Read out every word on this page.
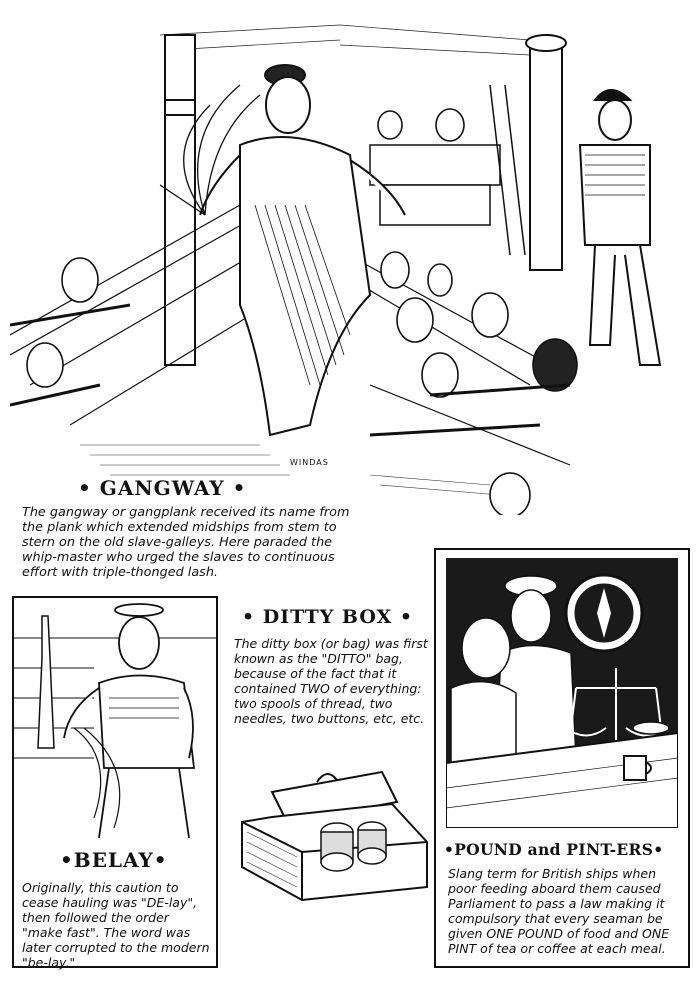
WINDAS
• GANGWAY •
The gangway or gangplank received its name from the plank which extended midships from stem to stern on the old slave-galleys. Here paraded the whip-master who urged the slaves to continuous effort with triple-thonged lash.
•BELAY•
Originally, this caution to cease hauling was "DE-lay", then followed the order "make fast". The word was later corrupted to the modern "be-lay."
• DITTY BOX •
The ditty box (or bag) was first known as the "DITTO" bag, because of the fact that it contained TWO of everything: two spools of thread, two needles, two buttons, etc, etc.
•POUND and PINT-ERS•
Slang term for British ships when poor feeding aboard them caused Parliament to pass a law making it compulsory that every seaman be given ONE POUND of food and ONE PINT of tea or coffee at each meal.
